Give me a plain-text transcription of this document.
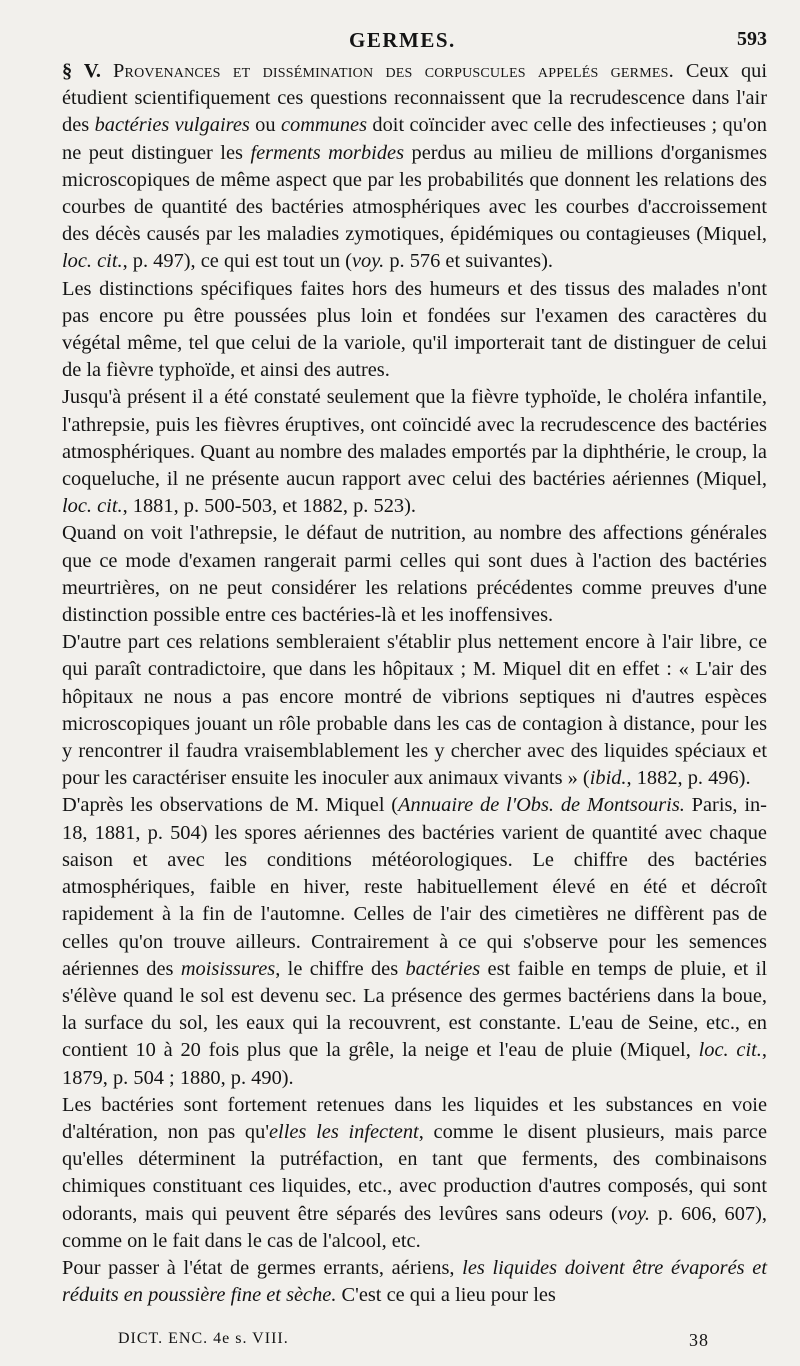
GERMES.	593

§ V. Provenances et dissémination des corpuscules appelés germes. Ceux qui étudient scientifiquement ces questions reconnaissent que la recrudescence dans l'air des bactéries vulgaires ou communes doit coïncider avec celle des infectieuses ; qu'on ne peut distinguer les ferments morbides perdus au milieu de millions d'organismes microscopiques de même aspect que par les probabilités que donnent les relations des courbes de quantité des bactéries atmosphériques avec les courbes d'accroissement des décès causés par les maladies zymotiques, épidémiques ou contagieuses (Miquel, loc. cit., p. 497), ce qui est tout un (voy. p. 576 et suivantes).

Les distinctions spécifiques faites hors des humeurs et des tissus des malades n'ont pas encore pu être poussées plus loin et fondées sur l'examen des caractères du végétal même, tel que celui de la variole, qu'il importerait tant de distinguer de celui de la fièvre typhoïde, et ainsi des autres.

Jusqu'à présent il a été constaté seulement que la fièvre typhoïde, le choléra infantile, l'athrepsie, puis les fièvres éruptives, ont coïncidé avec la recrudescence des bactéries atmosphériques. Quant au nombre des malades emportés par la diphthérie, le croup, la coqueluche, il ne présente aucun rapport avec celui des bactéries aériennes (Miquel, loc. cit., 1881, p. 500-503, et 1882, p. 523).

Quand on voit l'athrepsie, le défaut de nutrition, au nombre des affections générales que ce mode d'examen rangerait parmi celles qui sont dues à l'action des bactéries meurtrières, on ne peut considérer les relations précédentes comme preuves d'une distinction possible entre ces bactéries-là et les inoffensives.

D'autre part ces relations sembleraient s'établir plus nettement encore à l'air libre, ce qui paraît contradictoire, que dans les hôpitaux ; M. Miquel dit en effet : « L'air des hôpitaux ne nous a pas encore montré de vibrions septiques ni d'autres espèces microscopiques jouant un rôle probable dans les cas de contagion à distance, pour les y rencontrer il faudra vraisemblablement les y chercher avec des liquides spéciaux et pour les caractériser ensuite les inoculer aux animaux vivants » (ibid., 1882, p. 496).

D'après les observations de M. Miquel (Annuaire de l'Obs. de Montsouris. Paris, in-18, 1881, p. 504) les spores aériennes des bactéries varient de quantité avec chaque saison et avec les conditions météorologiques. Le chiffre des bactéries atmosphériques, faible en hiver, reste habituellement élevé en été et décroît rapidement à la fin de l'automne. Celles de l'air des cimetières ne diffèrent pas de celles qu'on trouve ailleurs. Contrairement à ce qui s'observe pour les semences aériennes des moisissures, le chiffre des bactéries est faible en temps de pluie, et il s'élève quand le sol est devenu sec. La présence des germes bactériens dans la boue, la surface du sol, les eaux qui la recouvrent, est constante. L'eau de Seine, etc., en contient 10 à 20 fois plus que la grêle, la neige et l'eau de pluie (Miquel, loc. cit., 1879, p. 504 ; 1880, p. 490).

Les bactéries sont fortement retenues dans les liquides et les substances en voie d'altération, non pas qu'elles les infectent, comme le disent plusieurs, mais parce qu'elles déterminent la putréfaction, en tant que ferments, des combinaisons chimiques constituant ces liquides, etc., avec production d'autres composés, qui sont odorants, mais qui peuvent être séparés des levûres sans odeurs (voy. p. 606, 607), comme on le fait dans le cas de l'alcool, etc.

Pour passer à l'état de germes errants, aériens, les liquides doivent être évaporés et réduits en poussière fine et sèche. C'est ce qui a lieu pour les

DICT. ENC. 4e s. VIII.	38
